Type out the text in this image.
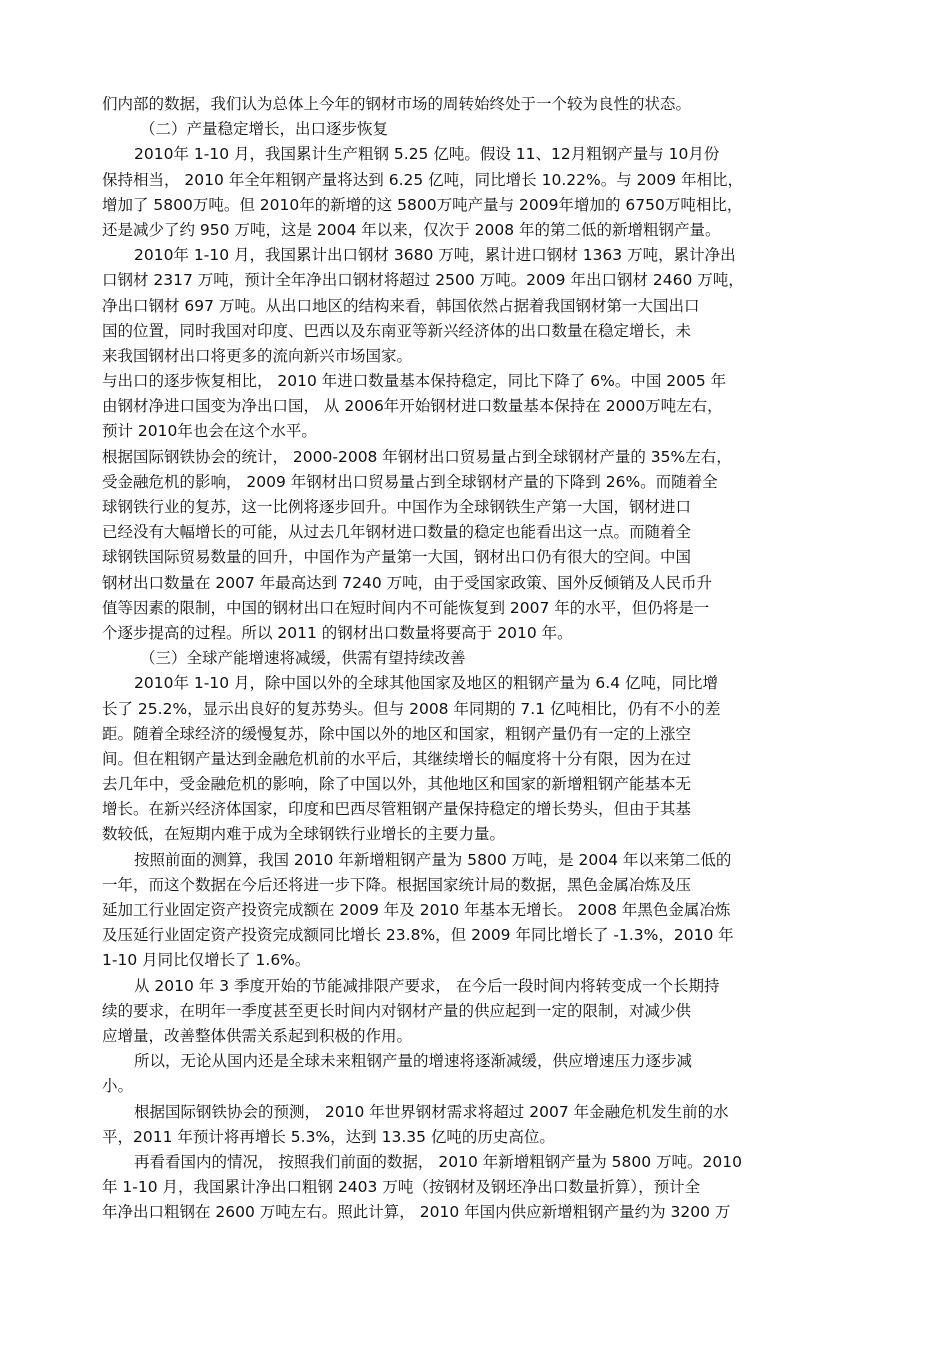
们内部的数据，我们认为总体上今年的钢材市场的周转始终处于一个较为良性的状态。
（二）产量稳定增长，出口逐步恢复
2010年 1-10 月，我国累计生产粗钢 5.25 亿吨。假设 11、12月粗钢产量与 10月份
保持相当， 2010 年全年粗钢产量将达到 6.25 亿吨，同比增长 10.22%。与 2009 年相比，
增加了 5800万吨。但 2010年的新增的这 5800万吨产量与 2009年增加的 6750万吨相比，
还是减少了约 950 万吨，这是 2004 年以来，仅次于 2008 年的第二低的新增粗钢产量。
2010年 1-10 月，我国累计出口钢材 3680 万吨，累计进口钢材 1363 万吨，累计净出
口钢材 2317 万吨，预计全年净出口钢材将超过 2500 万吨。2009 年出口钢材 2460 万吨，
净出口钢材 697 万吨。从出口地区的结构来看，韩国依然占据着我国钢材第一大国出口
国的位置，同时我国对印度、巴西以及东南亚等新兴经济体的出口数量在稳定增长，未
来我国钢材出口将更多的流向新兴市场国家。
与出口的逐步恢复相比， 2010 年进口数量基本保持稳定，同比下降了 6%。中国 2005 年
由钢材净进口国变为净出口国， 从 2006年开始钢材进口数量基本保持在 2000万吨左右，
预计 2010年也会在这个水平。
根据国际钢铁协会的统计， 2000-2008 年钢材出口贸易量占到全球钢材产量的 35%左右，
受金融危机的影响， 2009 年钢材出口贸易量占到全球钢材产量的下降到 26%。而随着全
球钢铁行业的复苏，这一比例将逐步回升。中国作为全球钢铁生产第一大国，钢材进口
已经没有大幅增长的可能，从过去几年钢材进口数量的稳定也能看出这一点。而随着全
球钢铁国际贸易数量的回升，中国作为产量第一大国，钢材出口仍有很大的空间。中国
钢材出口数量在 2007 年最高达到 7240 万吨，由于受国家政策、国外反倾销及人民币升
值等因素的限制，中国的钢材出口在短时间内不可能恢复到 2007 年的水平，但仍将是一
个逐步提高的过程。所以 2011 的钢材出口数量将要高于 2010 年。
（三）全球产能增速将减缓，供需有望持续改善
2010年 1-10 月，除中国以外的全球其他国家及地区的粗钢产量为 6.4 亿吨，同比增
长了 25.2%，显示出良好的复苏势头。但与 2008 年同期的 7.1 亿吨相比，仍有不小的差
距。随着全球经济的缓慢复苏，除中国以外的地区和国家，粗钢产量仍有一定的上涨空
间。但在粗钢产量达到金融危机前的水平后，其继续增长的幅度将十分有限，因为在过
去几年中，受金融危机的影响，除了中国以外，其他地区和国家的新增粗钢产能基本无
增长。在新兴经济体国家，印度和巴西尽管粗钢产量保持稳定的增长势头，但由于其基
数较低，在短期内难于成为全球钢铁行业增长的主要力量。
按照前面的测算，我国 2010 年新增粗钢产量为 5800 万吨，是 2004 年以来第二低的
一年，而这个数据在今后还将进一步下降。根据国家统计局的数据，黑色金属冶炼及压
延加工行业固定资产投资完成额在 2009 年及 2010 年基本无增长。 2008 年黑色金属冶炼
及压延行业固定资产投资完成额同比增长 23.8%，但 2009 年同比增长了 -1.3%，2010 年
1-10 月同比仅增长了 1.6%。
从 2010 年 3 季度开始的节能减排限产要求， 在今后一段时间内将转变成一个长期持
续的要求，在明年一季度甚至更长时间内对钢材产量的供应起到一定的限制，对减少供
应增量，改善整体供需关系起到积极的作用。
所以，无论从国内还是全球未来粗钢产量的增速将逐渐减缓，供应增速压力逐步减
小。
根据国际钢铁协会的预测， 2010 年世界钢材需求将超过 2007 年金融危机发生前的水
平，2011 年预计将再增长 5.3%，达到 13.35 亿吨的历史高位。
再看看国内的情况， 按照我们前面的数据， 2010 年新增粗钢产量为 5800 万吨。2010
年 1-10 月，我国累计净出口粗钢 2403 万吨（按钢材及钢坯净出口数量折算），预计全
年净出口粗钢在 2600 万吨左右。照此计算， 2010 年国内供应新增粗钢产量约为 3200 万
